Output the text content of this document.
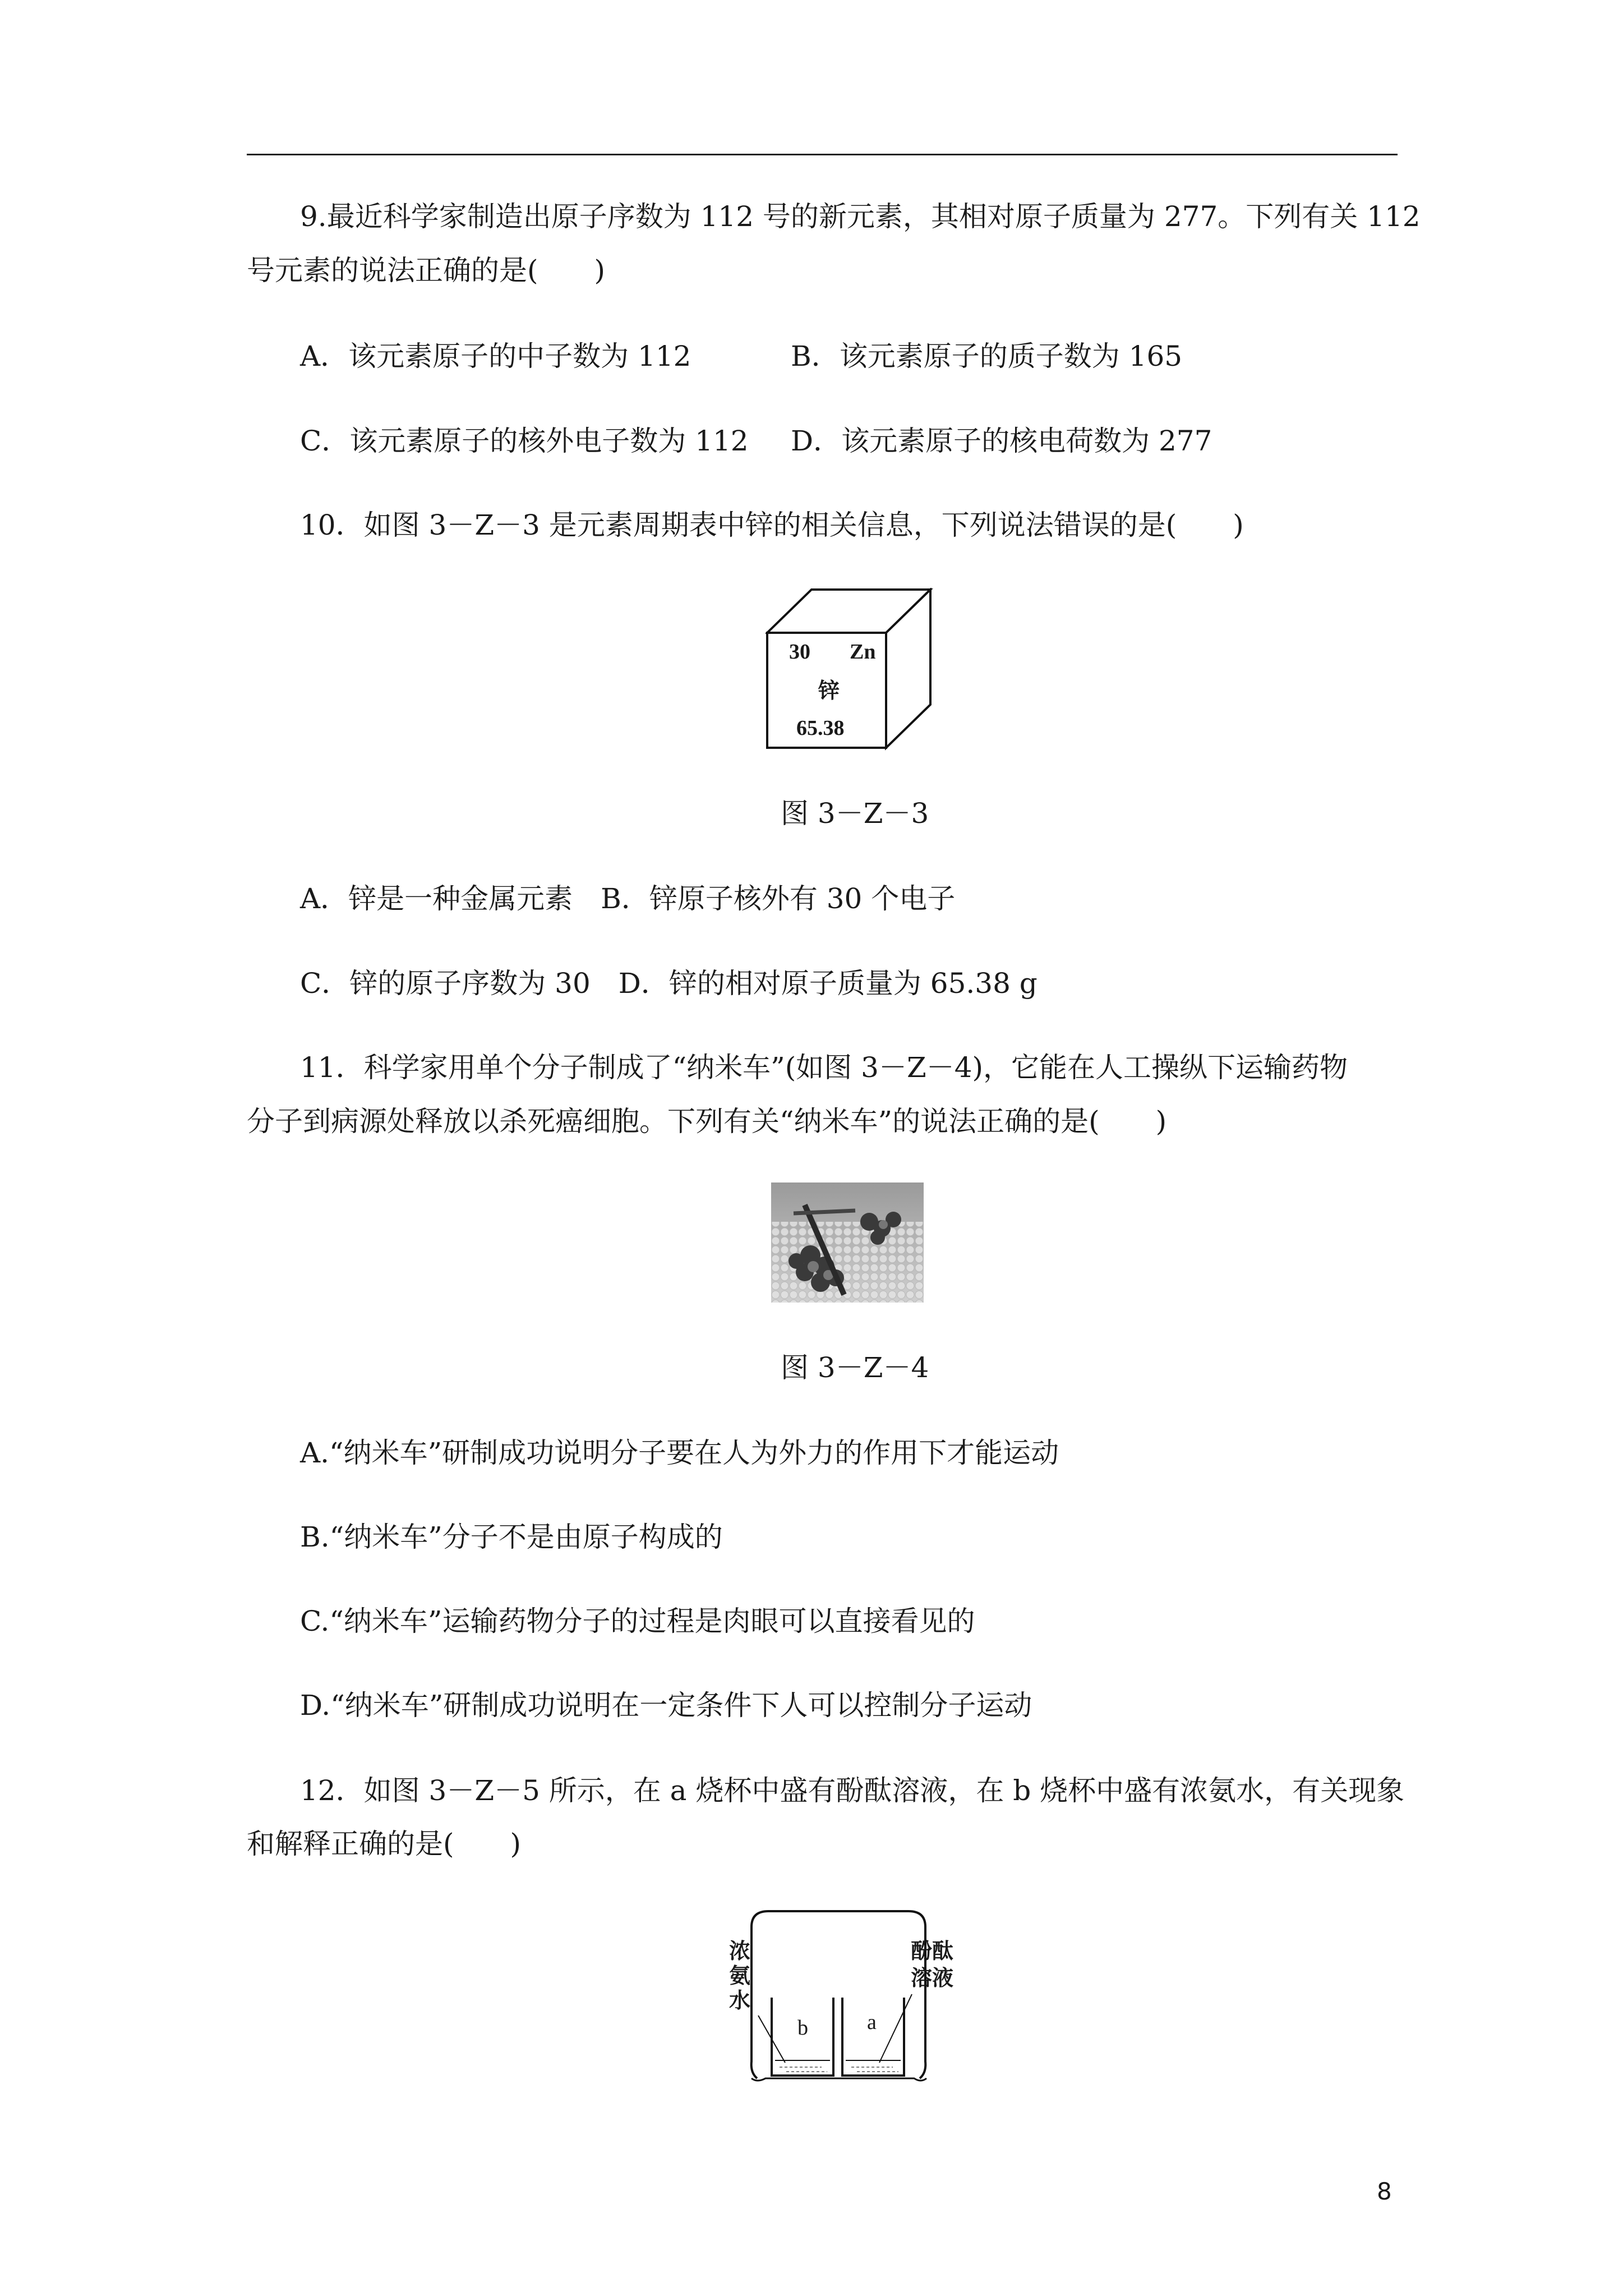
9.最近科学家制造出原子序数为 112 号的新元素，其相对原子质量为 277。下列有关 112
号元素的说法正确的是(　　)
A．该元素原子的中子数为 112	B．该元素原子的质子数为 165
C．该元素原子的核外电子数为 112 D．该元素原子的核电荷数为 277
10．如图 3－Z－3 是元素周期表中锌的相关信息，下列说法错误的是(　　)
30 Zn
锌
65.38
图 3－Z－3
A．锌是一种金属元素　B．锌原子核外有 30 个电子
C．锌的原子序数为 30　D．锌的相对原子质量为 65.38 g
11．科学家用单个分子制成了“纳米车”(如图 3－Z－4)，它能在人工操纵下运输药物
分子到病源处释放以杀死癌细胞。下列有关“纳米车”的说法正确的是(　　)
图 3－Z－4
A.“纳米车”研制成功说明分子要在人为外力的作用下才能运动
B.“纳米车”分子不是由原子构成的
C.“纳米车”运输药物分子的过程是肉眼可以直接看见的
D.“纳米车”研制成功说明在一定条件下人可以控制分子运动
12．如图 3－Z－5 所示，在 a 烧杯中盛有酚酞溶液，在 b 烧杯中盛有浓氨水，有关现象
和解释正确的是(　　)
浓
氨
水
酚酞
溶液
b	a
8
